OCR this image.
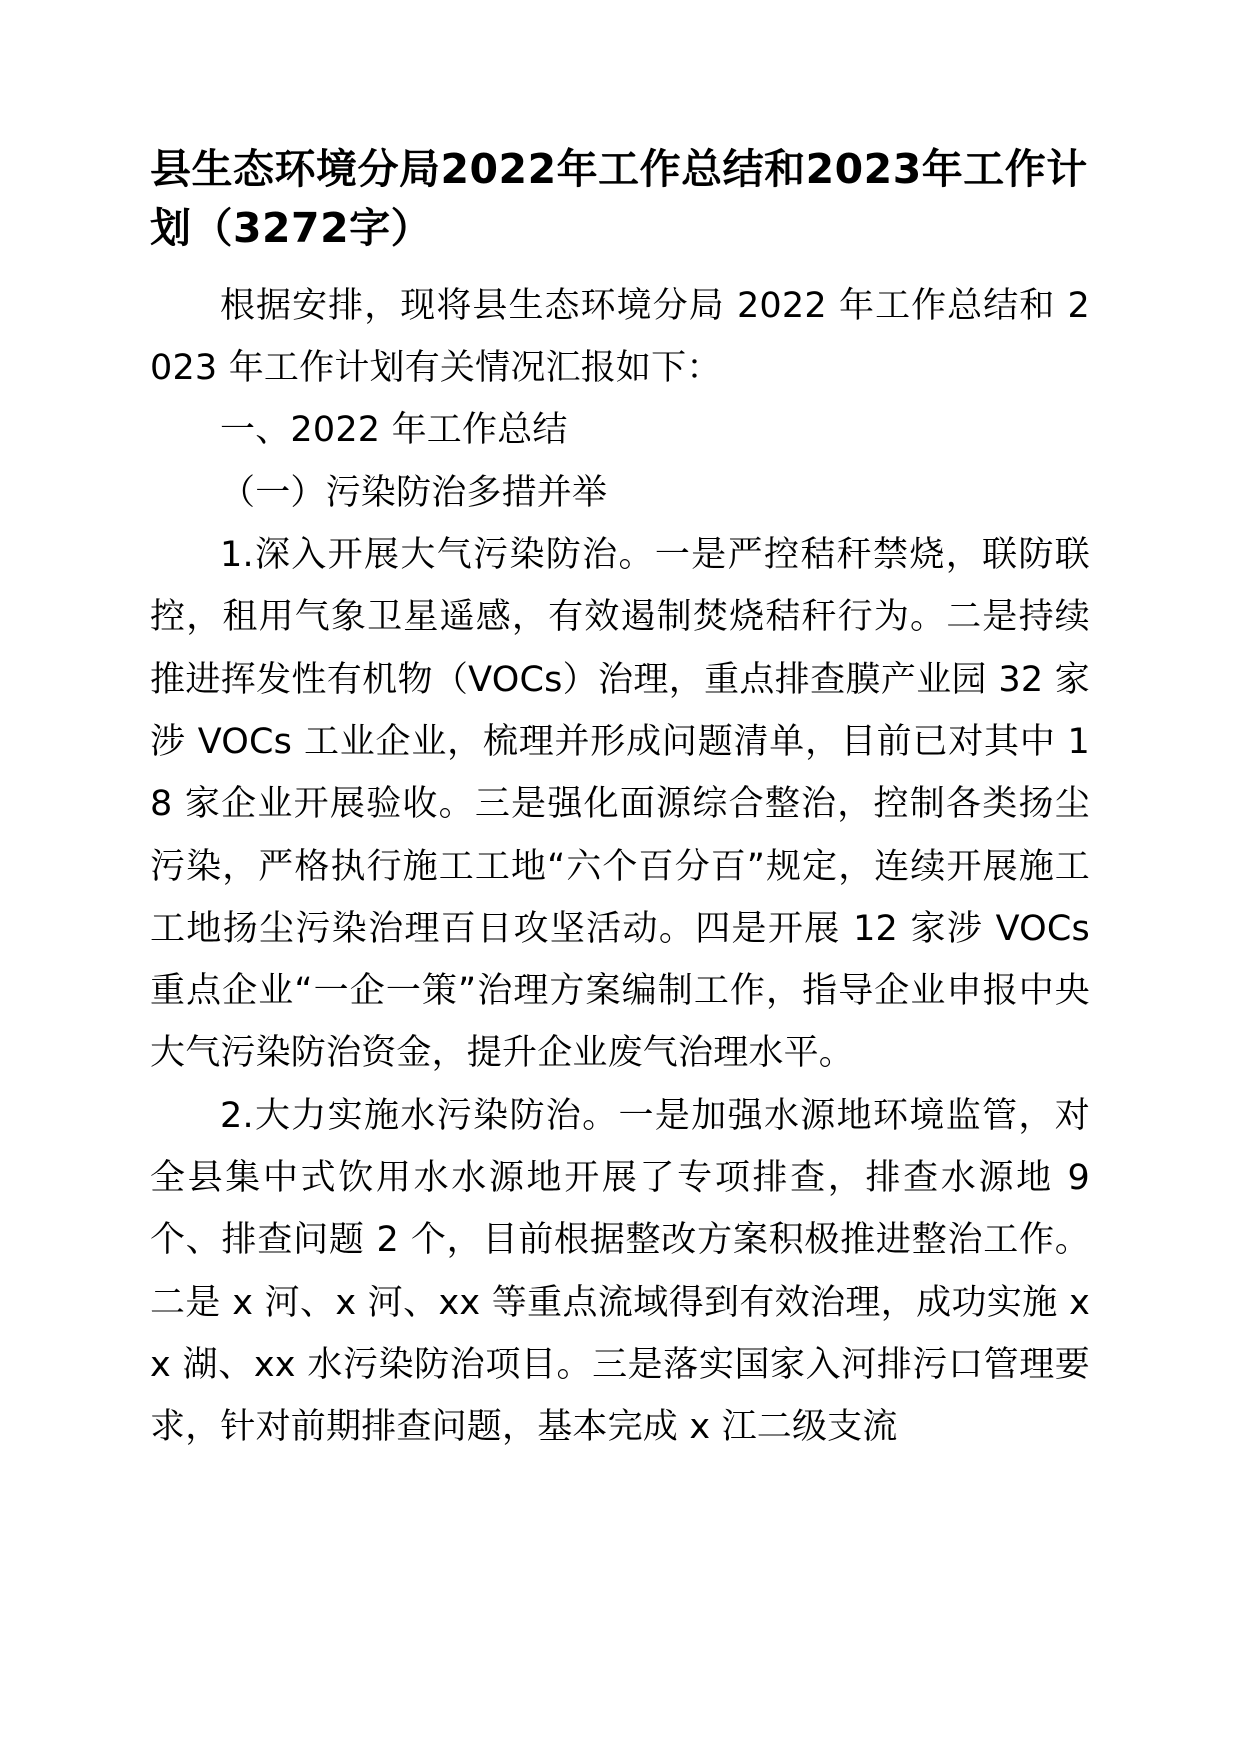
县生态环境分局2022年工作总结和2023年工作计划（3272字）

根据安排，现将县生态环境分局 2022 年工作总结和 2023 年工作计划有关情况汇报如下：

一、2022 年工作总结

（一）污染防治多措并举

1.深入开展大气污染防治。一是严控秸秆禁烧，联防联控，租用气象卫星遥感，有效遏制焚烧秸秆行为。二是持续推进挥发性有机物（VOCs）治理，重点排查膜产业园 32 家涉 VOCs 工业企业，梳理并形成问题清单，目前已对其中 18 家企业开展验收。三是强化面源综合整治，控制各类扬尘污染，严格执行施工工地“六个百分百”规定，连续开展施工工地扬尘污染治理百日攻坚活动。四是开展 12 家涉 VOCs 重点企业“一企一策”治理方案编制工作，指导企业申报中央大气污染防治资金，提升企业废气治理水平。

2.大力实施水污染防治。一是加强水源地环境监管，对全县集中式饮用水水源地开展了专项排查，排查水源地 9 个、排查问题 2 个，目前根据整改方案积极推进整治工作。二是 x 河、x 河、xx 等重点流域得到有效治理，成功实施 xx 湖、xx 水污染防治项目。三是落实国家入河排污口管理要求，针对前期排查问题，基本完成 x 江二级支流
